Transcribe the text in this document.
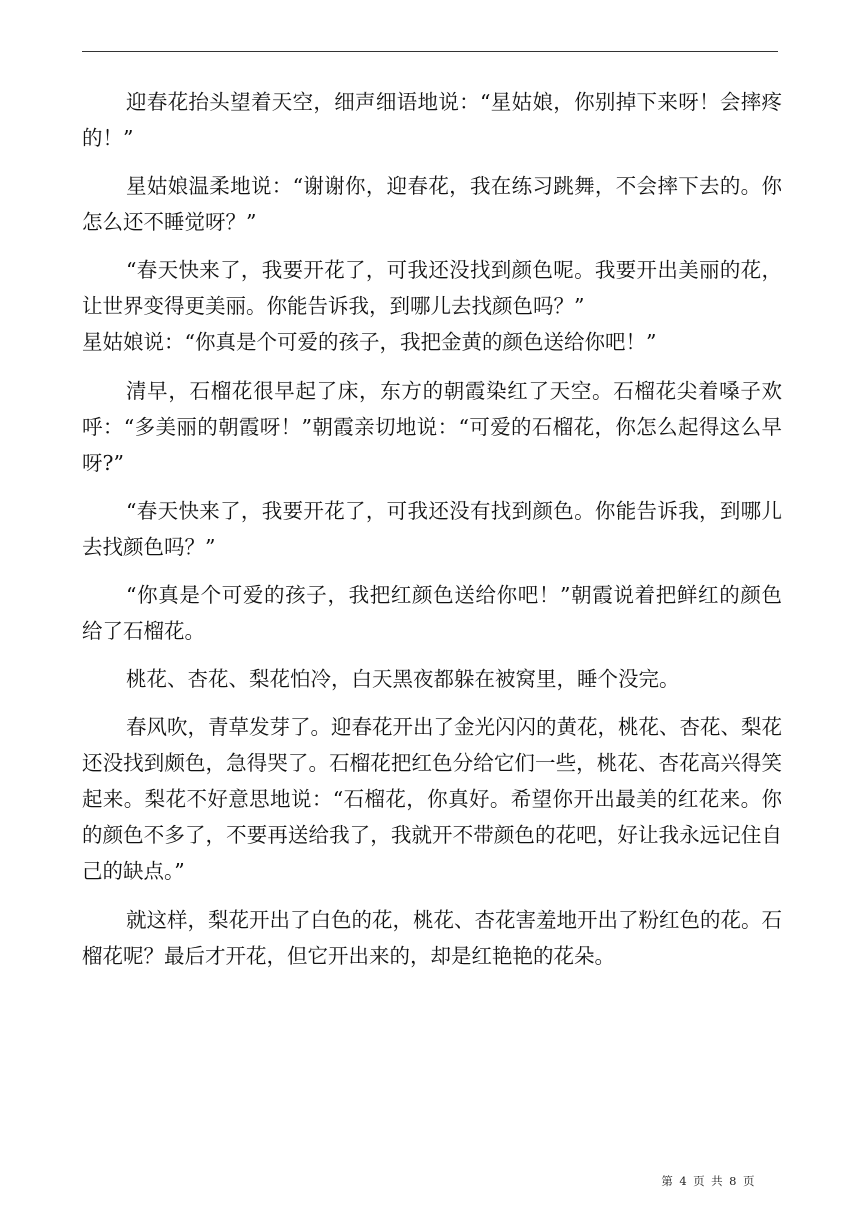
迎春花抬头望着天空，细声细语地说：“星姑娘，你别掉下来呀！会摔疼的！”

星姑娘温柔地说：“谢谢你，迎春花，我在练习跳舞，不会摔下去的。你怎么还不睡觉呀？”

“春天快来了，我要开花了，可我还没找到颜色呢。我要开出美丽的花，让世界变得更美丽。你能告诉我，到哪儿去找颜色吗？”

星姑娘说：“你真是个可爱的孩子，我把金黄的颜色送给你吧！”

清早，石榴花很早起了床，东方的朝霞染红了天空。石榴花尖着嗓子欢呼：“多美丽的朝霞呀！”朝霞亲切地说：“可爱的石榴花，你怎么起得这么早呀?”

“春天快来了，我要开花了，可我还没有找到颜色。你能告诉我，到哪儿去找颜色吗？”

“你真是个可爱的孩子，我把红颜色送给你吧！”朝霞说着把鲜红的颜色给了石榴花。

桃花、杏花、梨花怕冷，白天黑夜都躲在被窝里，睡个没完。

春风吹，青草发芽了。迎春花开出了金光闪闪的黄花，桃花、杏花、梨花还没找到颇色，急得哭了。石榴花把红色分给它们一些，桃花、杏花高兴得笑起来。梨花不好意思地说：“石榴花，你真好。希望你开出最美的红花来。你的颜色不多了，不要再送给我了，我就开不带颜色的花吧，好让我永远记住自己的缺点。”

就这样，梨花开出了白色的花，桃花、杏花害羞地开出了粉红色的花。石榴花呢？最后才开花，但它开出来的，却是红艳艳的花朵。

第 4 页 共 8 页
